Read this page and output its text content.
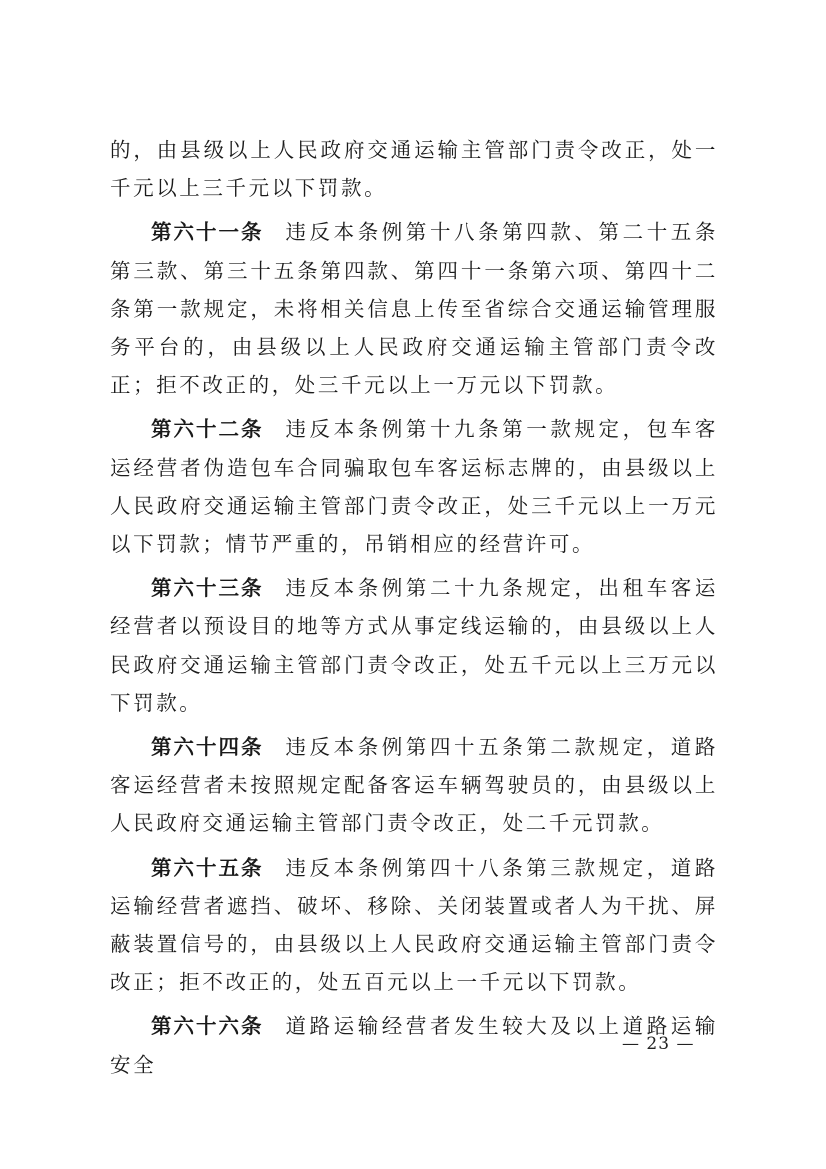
的，由县级以上人民政府交通运输主管部门责令改正，处一千元以上三千元以下罚款。

第六十一条 违反本条例第十八条第四款、第二十五条第三款、第三十五条第四款、第四十一条第六项、第四十二条第一款规定，未将相关信息上传至省综合交通运输管理服务平台的，由县级以上人民政府交通运输主管部门责令改正；拒不改正的，处三千元以上一万元以下罚款。

第六十二条 违反本条例第十九条第一款规定，包车客运经营者伪造包车合同骗取包车客运标志牌的，由县级以上人民政府交通运输主管部门责令改正，处三千元以上一万元以下罚款；情节严重的，吊销相应的经营许可。

第六十三条 违反本条例第二十九条规定，出租车客运经营者以预设目的地等方式从事定线运输的，由县级以上人民政府交通运输主管部门责令改正，处五千元以上三万元以下罚款。

第六十四条 违反本条例第四十五条第二款规定，道路客运经营者未按照规定配备客运车辆驾驶员的，由县级以上人民政府交通运输主管部门责令改正，处二千元罚款。

第六十五条 违反本条例第四十八条第三款规定，道路运输经营者遮挡、破坏、移除、关闭装置或者人为干扰、屏蔽装置信号的，由县级以上人民政府交通运输主管部门责令改正；拒不改正的，处五百元以上一千元以下罚款。

第六十六条 道路运输经营者发生较大及以上道路运输安全

— 23 —
